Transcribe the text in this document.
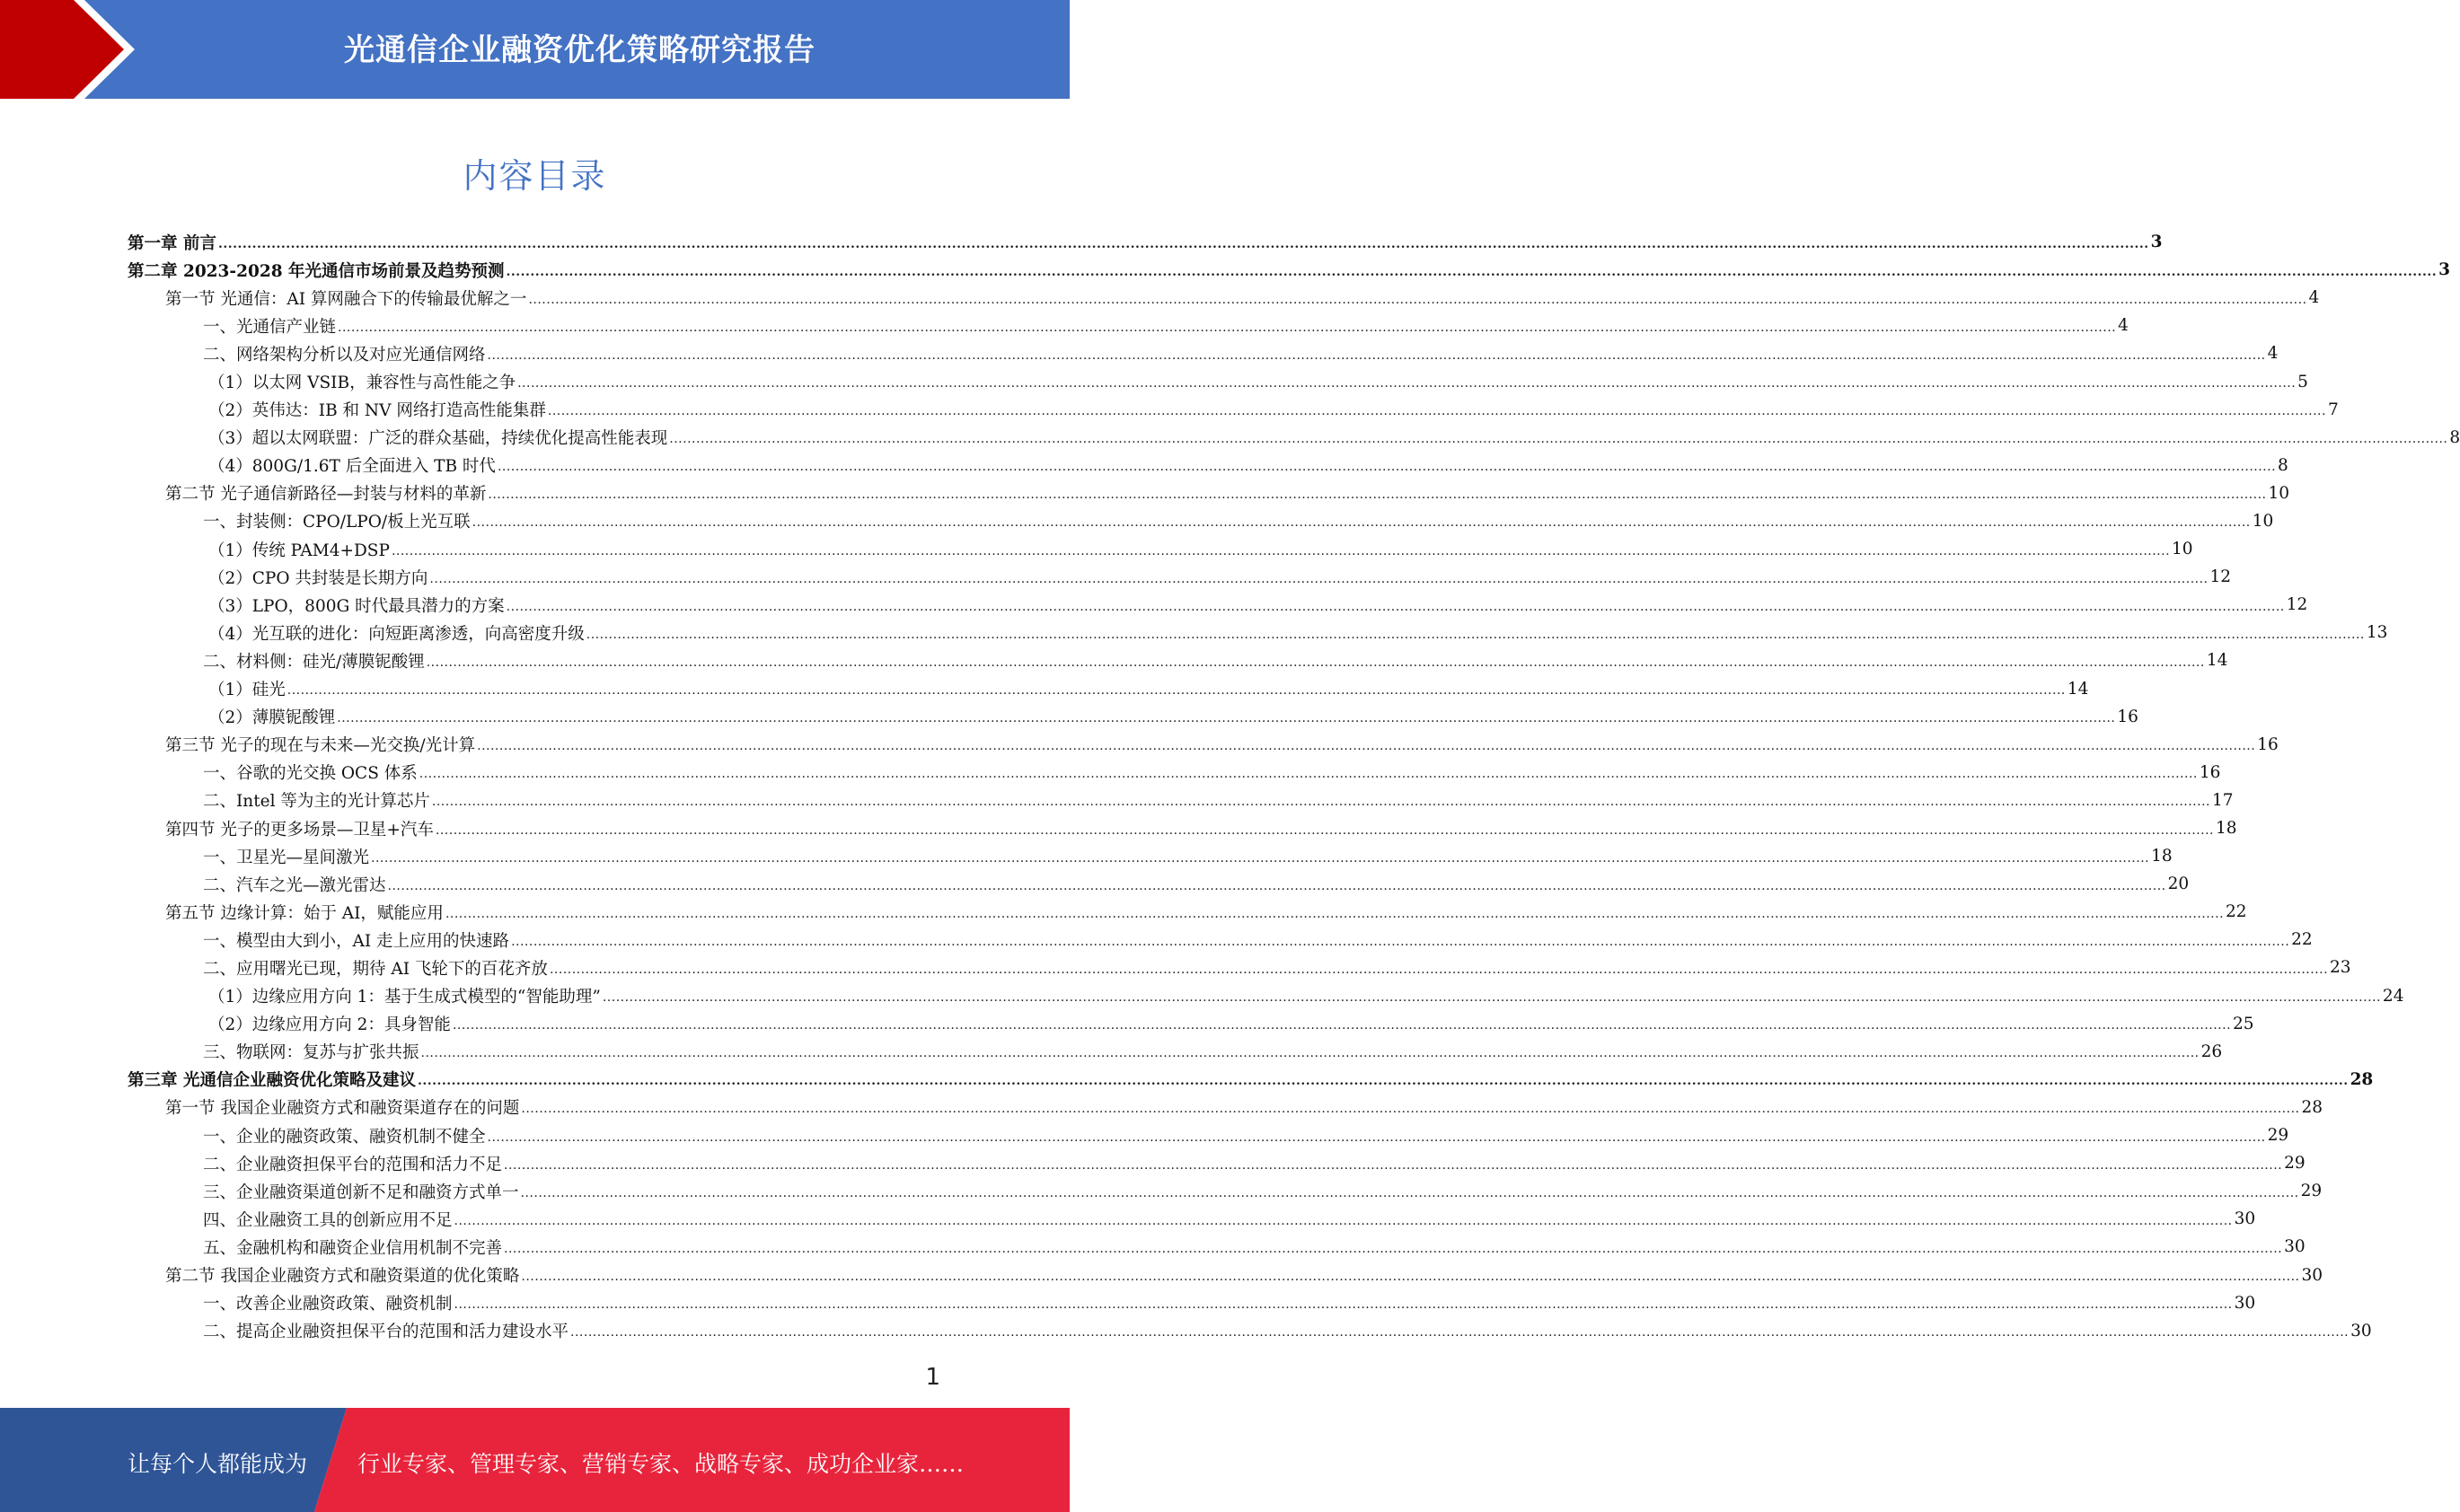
光通信企业融资优化策略研究报告
内容目录
第一章 前言 ................................................................................................................................................................................................................................................................................................................................................................................................................ 3
第二章 2023-2028 年光通信市场前景及趋势预测 ................................................................................................................................................................................................................................................................................................................................................................................................................ 3
第一节 光通信：AI 算网融合下的传输最优解之一 ................................................................................................................................................................................................................................................................................................................................................................................................................ 4
一、光通信产业链 ................................................................................................................................................................................................................................................................................................................................................................................................................ 4
二、网络架构分析以及对应光通信网络 ................................................................................................................................................................................................................................................................................................................................................................................................................ 4
（1）以太网 VSIB，兼容性与高性能之争 ................................................................................................................................................................................................................................................................................................................................................................................................................ 5
（2）英伟达：IB 和 NV 网络打造高性能集群 ................................................................................................................................................................................................................................................................................................................................................................................................................ 7
（3）超以太网联盟：广泛的群众基础，持续优化提高性能表现 ................................................................................................................................................................................................................................................................................................................................................................................................................ 8
（4）800G/1.6T 后全面进入 TB 时代 ................................................................................................................................................................................................................................................................................................................................................................................................................ 8
第二节 光子通信新路径—封装与材料的革新 ................................................................................................................................................................................................................................................................................................................................................................................................................ 10
一、封装侧：CPO/LPO/板上光互联 ................................................................................................................................................................................................................................................................................................................................................................................................................ 10
（1）传统 PAM4+DSP ................................................................................................................................................................................................................................................................................................................................................................................................................ 10
（2）CPO 共封装是长期方向 ................................................................................................................................................................................................................................................................................................................................................................................................................ 12
（3）LPO，800G 时代最具潜力的方案 ................................................................................................................................................................................................................................................................................................................................................................................................................ 12
（4）光互联的进化：向短距离渗透，向高密度升级 ................................................................................................................................................................................................................................................................................................................................................................................................................ 13
二、材料侧：硅光/薄膜铌酸锂 ................................................................................................................................................................................................................................................................................................................................................................................................................ 14
（1）硅光 ................................................................................................................................................................................................................................................................................................................................................................................................................ 14
（2）薄膜铌酸锂 ................................................................................................................................................................................................................................................................................................................................................................................................................ 16
第三节 光子的现在与未来—光交换/光计算 ................................................................................................................................................................................................................................................................................................................................................................................................................ 16
一、谷歌的光交换 OCS 体系 ................................................................................................................................................................................................................................................................................................................................................................................................................ 16
二、Intel 等为主的光计算芯片 ................................................................................................................................................................................................................................................................................................................................................................................................................ 17
第四节 光子的更多场景—卫星+汽车 ................................................................................................................................................................................................................................................................................................................................................................................................................ 18
一、卫星光—星间激光 ................................................................................................................................................................................................................................................................................................................................................................................................................ 18
二、汽车之光—激光雷达 ................................................................................................................................................................................................................................................................................................................................................................................................................ 20
第五节 边缘计算：始于 AI，赋能应用 ................................................................................................................................................................................................................................................................................................................................................................................................................ 22
一、模型由大到小，AI 走上应用的快速路 ................................................................................................................................................................................................................................................................................................................................................................................................................ 22
二、应用曙光已现，期待 AI 飞轮下的百花齐放 ................................................................................................................................................................................................................................................................................................................................................................................................................ 23
（1）边缘应用方向 1：基于生成式模型的“智能助理” ................................................................................................................................................................................................................................................................................................................................................................................................................ 24
（2）边缘应用方向 2：具身智能 ................................................................................................................................................................................................................................................................................................................................................................................................................ 25
三、物联网：复苏与扩张共振 ................................................................................................................................................................................................................................................................................................................................................................................................................ 26
第三章 光通信企业融资优化策略及建议 ................................................................................................................................................................................................................................................................................................................................................................................................................ 28
第一节 我国企业融资方式和融资渠道存在的问题 ................................................................................................................................................................................................................................................................................................................................................................................................................ 28
一、企业的融资政策、融资机制不健全 ................................................................................................................................................................................................................................................................................................................................................................................................................ 29
二、企业融资担保平台的范围和活力不足 ................................................................................................................................................................................................................................................................................................................................................................................................................ 29
三、企业融资渠道创新不足和融资方式单一 ................................................................................................................................................................................................................................................................................................................................................................................................................ 29
四、企业融资工具的创新应用不足 ................................................................................................................................................................................................................................................................................................................................................................................................................ 30
五、金融机构和融资企业信用机制不完善 ................................................................................................................................................................................................................................................................................................................................................................................................................ 30
第二节 我国企业融资方式和融资渠道的优化策略 ................................................................................................................................................................................................................................................................................................................................................................................................................ 30
一、改善企业融资政策、融资机制 ................................................................................................................................................................................................................................................................................................................................................................................................................ 30
二、提高企业融资担保平台的范围和活力建设水平 ................................................................................................................................................................................................................................................................................................................................................................................................................ 30
1
让每个人都能成为 行业专家、管理专家、营销专家、战略专家、成功企业家……
